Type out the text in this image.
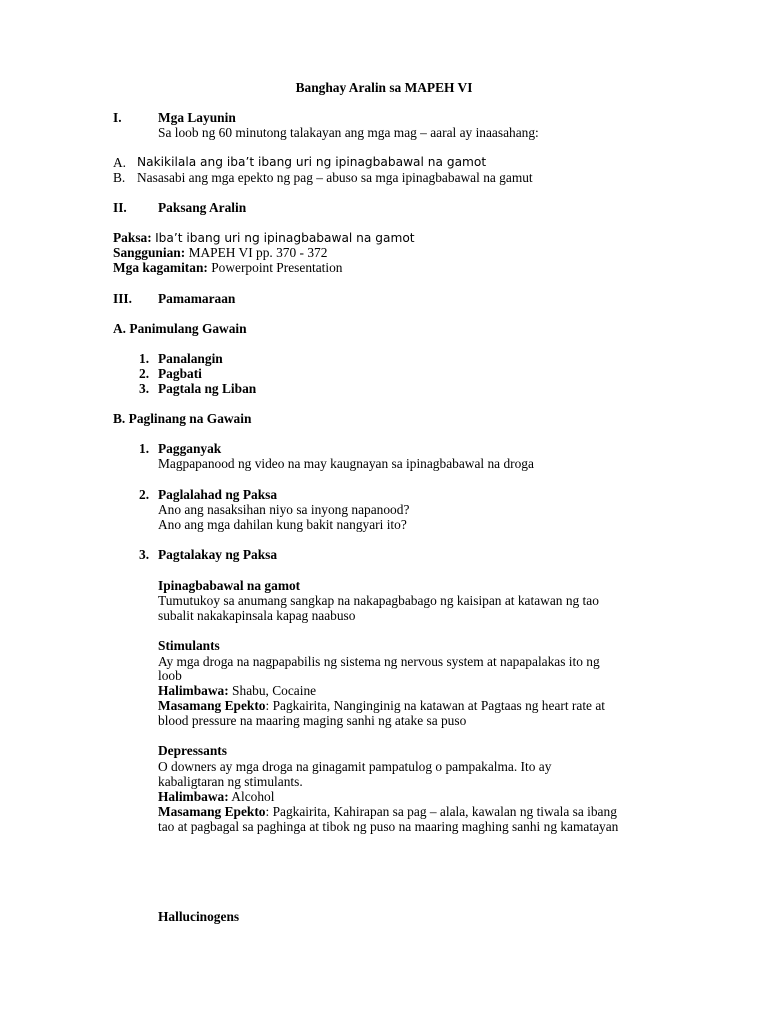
Banghay Aralin sa MAPEH VI
I.	Mga Layunin
Sa loob ng 60 minutong talakayan ang mga mag – aaral ay inaasahang:
A. Nakikilala ang iba’t ibang uri ng ipinagbabawal na gamot
B. Nasasabi ang mga epekto ng pag – abuso sa mga ipinagbabawal na gamut
II. Paksang Aralin
Paksa: Iba’t ibang uri ng ipinagbabawal na gamot
Sanggunian: MAPEH VI pp. 370 - 372
Mga kagamitan: Powerpoint Presentation
III. Pamamaraan
A. Panimulang Gawain
1. Panalangin
2. Pagbati
3. Pagtala ng Liban
B. Paglinang na Gawain
1. Pagganyak
Magpapanood ng video na may kaugnayan sa ipinagbabawal na droga
2. Paglalahad ng Paksa
Ano ang nasaksihan niyo sa inyong napanood?
Ano ang mga dahilan kung bakit nangyari ito?
3. Pagtalakay ng Paksa
Ipinagbabawal na gamot
Tumutukoy sa anumang sangkap na nakapagbabago ng kaisipan at katawan ng tao
subalit nakakapinsala kapag naabuso
Stimulants
Ay mga droga na nagpapabilis ng sistema ng nervous system at napapalakas ito ng
loob
Halimbawa: Shabu, Cocaine
Masamang Epekto: Pagkairita, Nanginginig na katawan at Pagtaas ng heart rate at
blood pressure na maaring maging sanhi ng atake sa puso
Depressants
O downers ay mga droga na ginagamit pampatulog o pampakalma. Ito ay
kabaligtaran ng stimulants.
Halimbawa: Alcohol
Masamang Epekto: Pagkairita, Kahirapan sa pag – alala, kawalan ng tiwala sa ibang
tao at pagbagal sa paghinga at tibok ng puso na maaring maghing sanhi ng kamatayan
Hallucinogens
